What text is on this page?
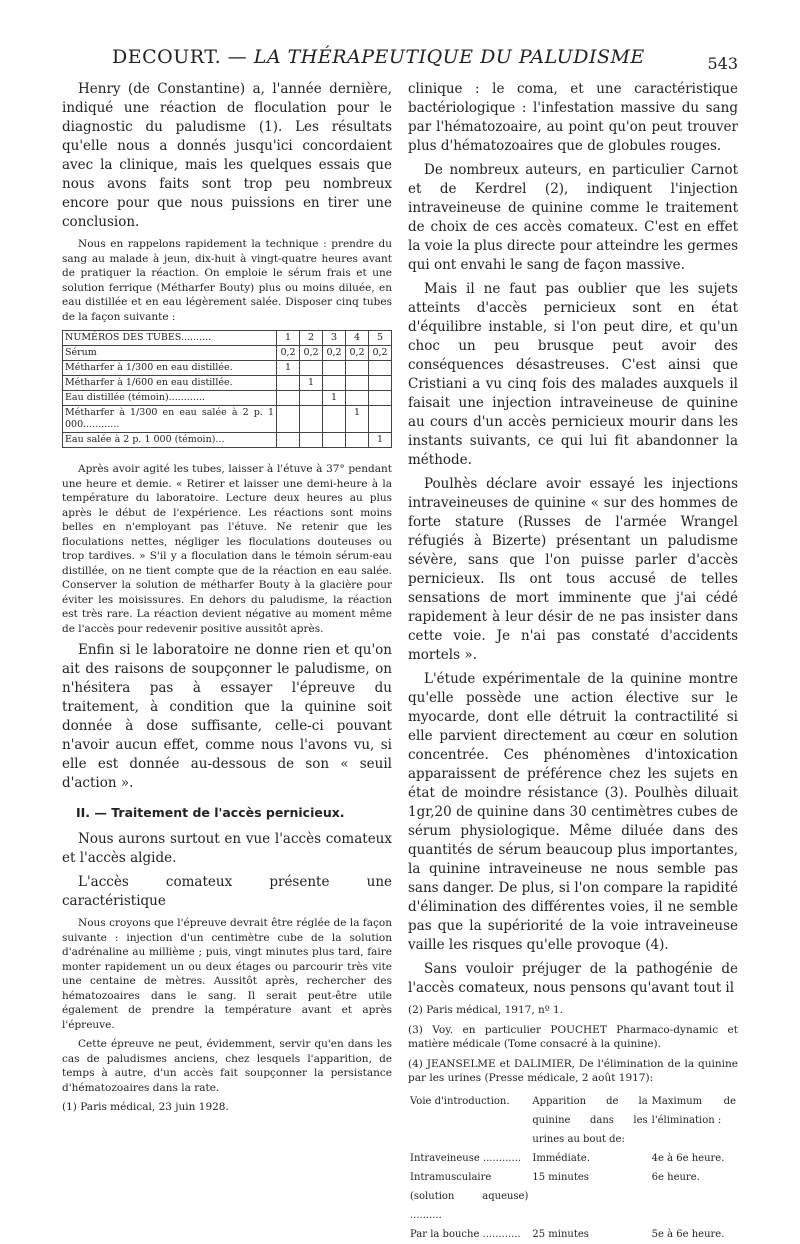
DECOURT. — LA THÉRAPEUTIQUE DU PALUDISME	543

Henry (de Constantine) a, l'année dernière, indiqué une réaction de floculation pour le diagnostic du paludisme (1). Les résultats qu'elle nous a donnés jusqu'ici concordaient avec la clinique, mais les quelques essais que nous avons faits sont trop peu nombreux encore pour que nous puissions en tirer une conclusion.

Nous en rappelons rapidement la technique : prendre du sang au malade à jeun, dix-huit à vingt-quatre heures avant de pratiquer la réaction. On emploie le sérum frais et une solution ferrique (Métharfer Bouty) plus ou moins diluée, en eau distillée et en eau légèrement salée. Disposer cinq tubes de la façon suivante :

NUMÉROS DES TUBES..........	1	2	3	4	5
Sérum	0,2	0,2	0,2	0,2	0,2
Métharfer à 1/300 en eau distillée.	1				
Métharfer à 1/600 en eau distillée.		1			
Eau distillée (témoin)............			1		
Métharfer à 1/300 en eau salée à 2 p. 1 000............				1	
Eau salée à 2 p. 1 000 (témoin)...					1

Après avoir agité les tubes, laisser à l'étuve à 37° pendant une heure et demie. « Retirer et laisser une demi-heure à la température du laboratoire. Lecture deux heures au plus après le début de l'expérience. Les réactions sont moins belles en n'employant pas l'étuve. Ne retenir que les floculations nettes, négliger les floculations douteuses ou trop tardives. » S'il y a floculation dans le témoin sérum-eau distillée, on ne tient compte que de la réaction en eau salée. Conserver la solution de métharfer Bouty à la glacière pour éviter les moisissures. En dehors du paludisme, la réaction est très rare. La réaction devient négative au moment même de l'accès pour redevenir positive aussitôt après.

Enfin si le laboratoire ne donne rien et qu'on ait des raisons de soupçonner le paludisme, on n'hésitera pas à essayer l'épreuve du traitement, à condition que la quinine soit donnée à dose suffisante, celle-ci pouvant n'avoir aucun effet, comme nous l'avons vu, si elle est donnée au-dessous de son « seuil d'action ».

II. — Traitement de l'accès pernicieux.

Nous aurons surtout en vue l'accès comateux et l'accès algide.

L'accès comateux présente une caractéristique

Nous croyons que l'épreuve devrait être réglée de la façon suivante : injection d'un centimètre cube de la solution d'adrénaline au millième ; puis, vingt minutes plus tard, faire monter rapidement un ou deux étages ou parcourir très vite une centaine de mètres. Aussitôt après, rechercher des hématozoaires dans le sang. Il serait peut-être utile également de prendre la température avant et après l'épreuve.

Cette épreuve ne peut, évidemment, servir qu'en dans les cas de paludismes anciens, chez lesquels l'apparition, de temps à autre, d'un accès fait soupçonner la persistance d'hématozoaires dans la rate.

(1) Paris médical, 23 juin 1928.

clinique : le coma, et une caractéristique bactériologique : l'infestation massive du sang par l'hématozoaire, au point qu'on peut trouver plus d'hématozoaires que de globules rouges.

De nombreux auteurs, en particulier Carnot et de Kerdrel (2), indiquent l'injection intraveineuse de quinine comme le traitement de choix de ces accès comateux. C'est en effet la voie la plus directe pour atteindre les germes qui ont envahi le sang de façon massive.

Mais il ne faut pas oublier que les sujets atteints d'accès pernicieux sont en état d'équilibre instable, si l'on peut dire, et qu'un choc un peu brusque peut avoir des conséquences désastreuses. C'est ainsi que Cristiani a vu cinq fois des malades auxquels il faisait une injection intraveineuse de quinine au cours d'un accès pernicieux mourir dans les instants suivants, ce qui lui fit abandonner la méthode.

Poulhès déclare avoir essayé les injections intraveineuses de quinine « sur des hommes de forte stature (Russes de l'armée Wrangel réfugiés à Bizerte) présentant un paludisme sévère, sans que l'on puisse parler d'accès pernicieux. Ils ont tous accusé de telles sensations de mort imminente que j'ai cédé rapidement à leur désir de ne pas insister dans cette voie. Je n'ai pas constaté d'accidents mortels ».

L'étude expérimentale de la quinine montre qu'elle possède une action élective sur le myocarde, dont elle détruit la contractilité si elle parvient directement au cœur en solution concentrée. Ces phénomènes d'intoxication apparaissent de préférence chez les sujets en état de moindre résistance (3). Poulhès diluait 1gr,20 de quinine dans 30 centimètres cubes de sérum physiologique. Même diluée dans des quantités de sérum beaucoup plus importantes, la quinine intraveineuse ne nous semble pas sans danger. De plus, si l'on compare la rapidité d'élimination des différentes voies, il ne semble pas que la supériorité de la voie intraveineuse vaille les risques qu'elle provoque (4).

Sans vouloir préjuger de la pathogénie de l'accès comateux, nous pensons qu'avant tout il

(2) Paris médical, 1917, nº 1.

(3) Voy. en particulier POUCHET Pharmaco-dynamic et matière médicale (Tome consacré à la quinine).

(4) JEANSELME et DALIMIER, De l'élimination de la quinine par les urines (Presse médicale, 2 août 1917):

Voie d'introduction.	Apparition de la quinine dans les urines au bout de:	Maximum de l'élimination :
Intraveineuse ............	Immédiate.	4e à 6e heure.
Intramusculaire (solution aqueuse) ..........	15 minutes	6e heure.
Par la bouche ............	25 minutes	5e à 6e heure.
